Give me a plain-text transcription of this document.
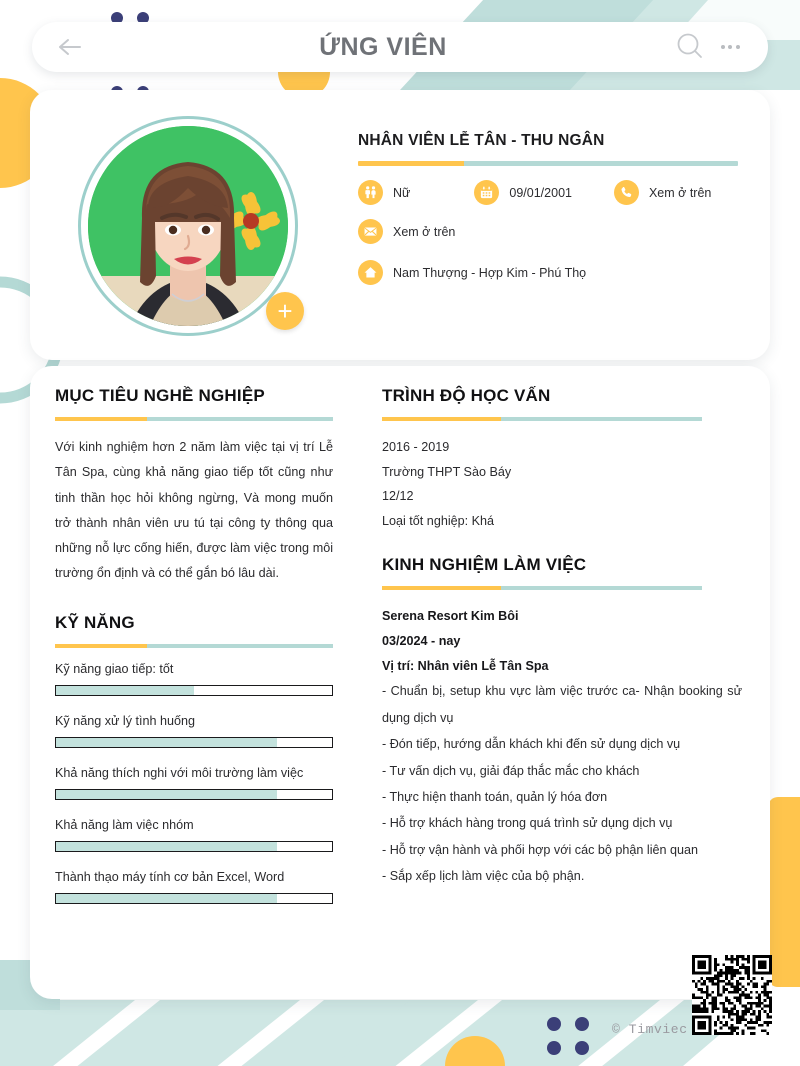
ỨNG VIÊN
+
NHÂN VIÊN LỄ TÂN - THU NGÂN
Nữ	09/01/2001	Xem ở trên
Xem ở trên
Nam Thượng - Hợp Kim - Phú Thọ
MỤC TIÊU NGHỀ NGHIỆP
Với kinh nghiệm hơn 2 năm làm việc tại vị trí Lễ Tân Spa, cùng khả năng giao tiếp tốt cũng như tinh thần học hỏi không ngừng, Và mong muốn trở thành nhân viên ưu tú tại công ty thông qua những nỗ lực cống hiến, được làm việc trong môi trường ổn định và có thể gắn bó lâu dài.
KỸ NĂNG
Kỹ năng giao tiếp: tốt
Kỹ năng xử lý tình huống
Khả năng thích nghi với môi trường làm việc
Khả năng làm việc nhóm
Thành thạo máy tính cơ bản Excel, Word
TRÌNH ĐỘ HỌC VẤN
2016 - 2019
Trường THPT Sào Báy
12/12
Loại tốt nghiệp: Khá
KINH NGHIỆM LÀM VIỆC
Serena Resort Kim Bôi
03/2024 - nay
Vị trí: Nhân viên Lễ Tân Spa
- Chuẩn bị, setup khu vực làm việc trước ca- Nhận booking sử dụng dịch vụ
- Đón tiếp, hướng dẫn khách khi đến sử dụng dịch vụ
- Tư vấn dịch vụ, giải đáp thắc mắc cho khách
- Thực hiện thanh toán, quản lý hóa đơn
- Hỗ trợ khách hàng trong quá trình sử dụng dịch vụ
- Hỗ trợ vận hành và phối hợp với các bộ phận liên quan
- Sắp xếp lịch làm việc của bộ phận.
© Timviec
